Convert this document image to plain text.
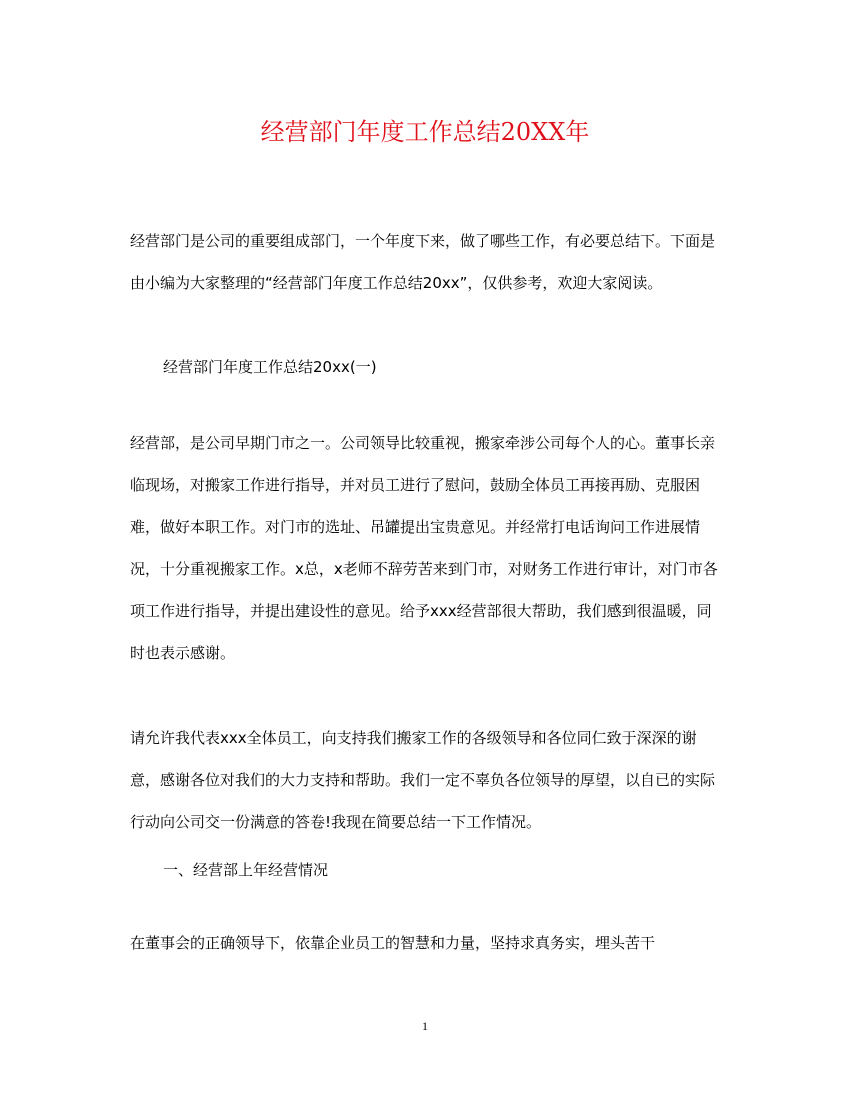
经营部门年度工作总结20XX年

经营部门是公司的重要组成部门，一个年度下来，做了哪些工作，有必要总结下。下面是由小编为大家整理的“经营部门年度工作总结20xx”，仅供参考，欢迎大家阅读。

经营部门年度工作总结20xx(一)

经营部，是公司早期门市之一。公司领导比较重视，搬家牵涉公司每个人的心。董事长亲临现场，对搬家工作进行指导，并对员工进行了慰问，鼓励全体员工再接再励、克服困难，做好本职工作。对门市的选址、吊罐提出宝贵意见。并经常打电话询问工作进展情况，十分重视搬家工作。x总，x老师不辞劳苦来到门市，对财务工作进行审计，对门市各项工作进行指导，并提出建设性的意见。给予xxx经营部很大帮助，我们感到很温暖，同时也表示感谢。

请允许我代表xxx全体员工，向支持我们搬家工作的各级领导和各位同仁致于深深的谢意，感谢各位对我们的大力支持和帮助。我们一定不辜负各位领导的厚望，以自已的实际行动向公司交一份满意的答卷!我现在简要总结一下工作情况。

一、经营部上年经营情况

在董事会的正确领导下，依靠企业员工的智慧和力量，坚持求真务实，埋头苦干

1
